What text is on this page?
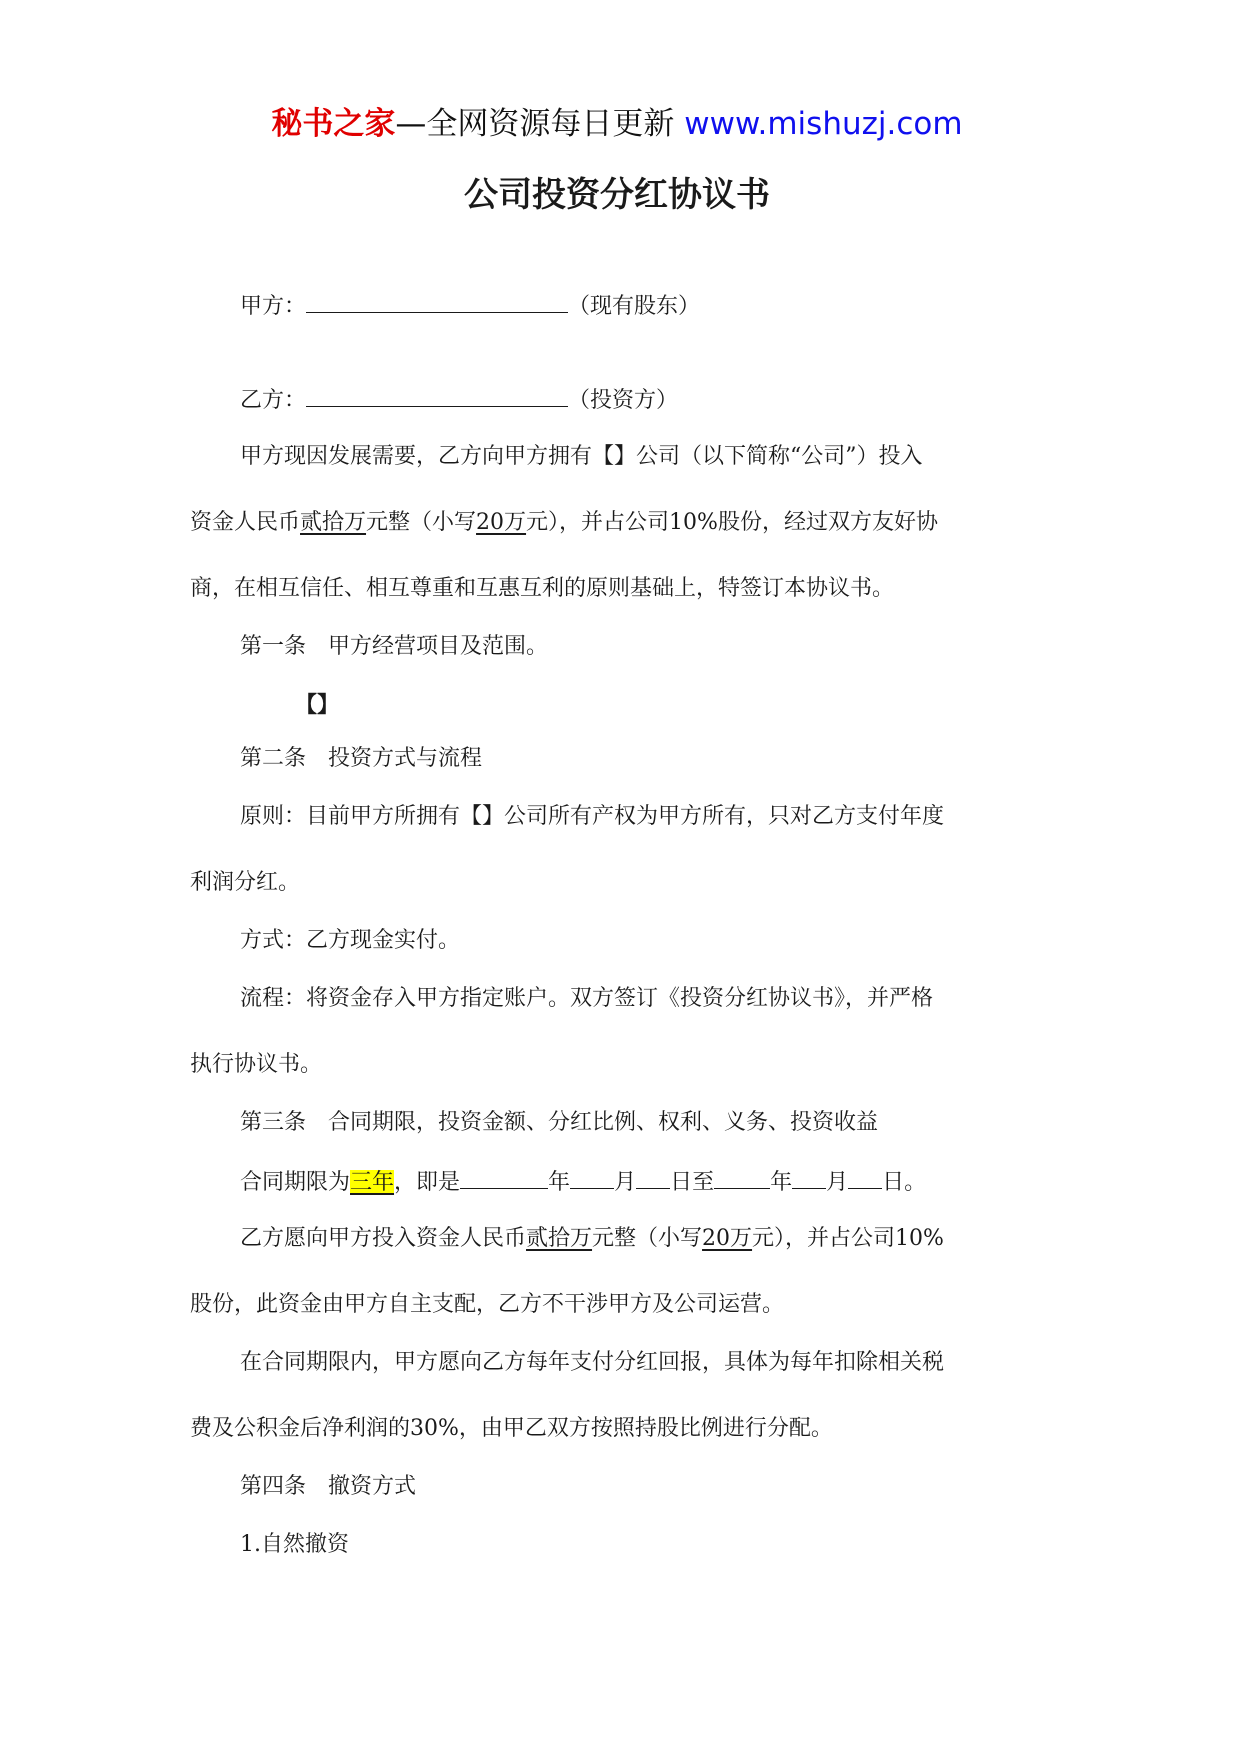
秘书之家—全网资源每日更新 www.mishuzj.com
公司投资分红协议书
甲方：	（现有股东）
乙方：	（投资方）
甲方现因发展需要，乙方向甲方拥有【】公司（以下简称“公司”）投入
资金人民币贰拾万元整（小写20万元），并占公司10%股份，经过双方友好协
商，在相互信任、相互尊重和互惠互利的原则基础上，特签订本协议书。
第一条 甲方经营项目及范围。
【】
第二条 投资方式与流程
原则：目前甲方所拥有【】公司所有产权为甲方所有，只对乙方支付年度
利润分红。
方式：乙方现金实付。
流程：将资金存入甲方指定账户。双方签订《投资分红协议书》，并严格
执行协议书。
第三条 合同期限，投资金额、分红比例、权利、义务、投资收益
合同期限为三年，即是	年 月 日至	年 月 日。
乙方愿向甲方投入资金人民币贰拾万元整（小写20万元），并占公司10%
股份，此资金由甲方自主支配，乙方不干涉甲方及公司运营。
在合同期限内，甲方愿向乙方每年支付分红回报，具体为每年扣除相关税
费及公积金后净利润的30%，由甲乙双方按照持股比例进行分配。
第四条 撤资方式
1.自然撤资
